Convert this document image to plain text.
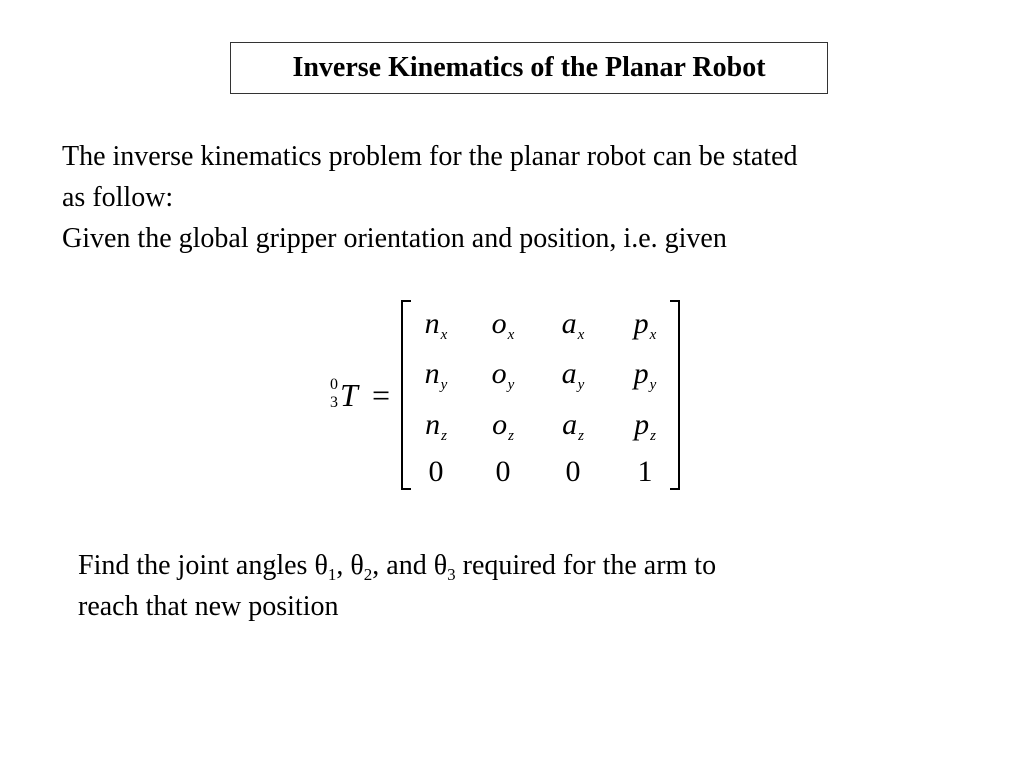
Inverse Kinematics of the Planar Robot
The inverse kinematics problem for the planar robot can be stated
as follow:
Given the global gripper orientation and position, i.e. given
0
3 T =
$n_x$	$o_x$	$a_x$	$p_x$
$n_y$	$o_y$	$a_y$	$p_y$
$n_z$	$o_z$	$a_z$	$p_z$
0	0	0	1
Find the joint angles $\theta_1$, $\theta_2$, and $\theta_3$ required for the arm to
reach that new position
